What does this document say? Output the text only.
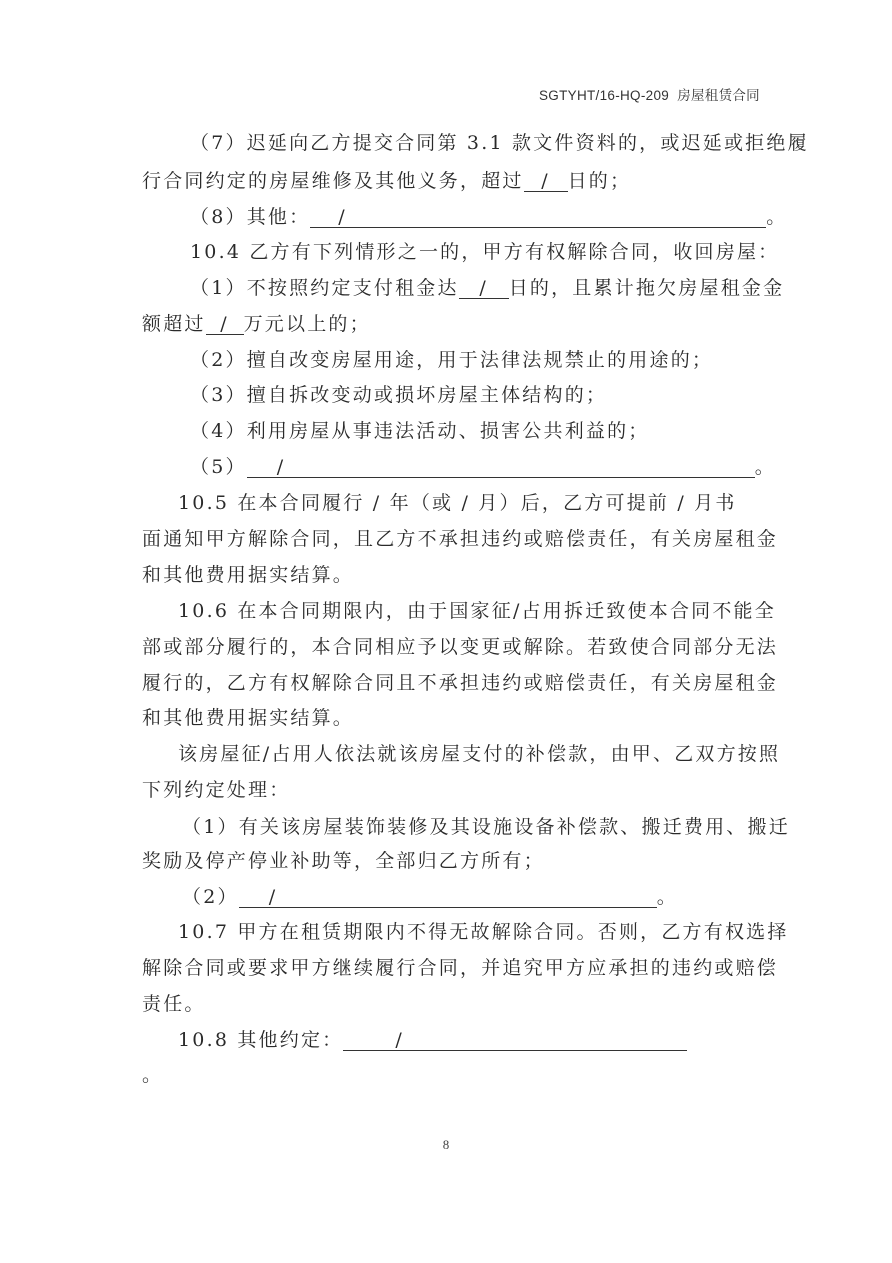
SGTYHT/16-HQ-209 房屋租赁合同
（7）迟延向乙方提交合同第 3.1 款文件资料的，或迟延或拒绝履
行合同约定的房屋维修及其他义务，超过 / 日的；
（8）其他： /	。
10.4 乙方有下列情形之一的，甲方有权解除合同，收回房屋：
（1）不按照约定支付租金达 / 日的，且累计拖欠房屋租金金
额超过 / 万元以上的；
（2）擅自改变房屋用途，用于法律法规禁止的用途的；
（3）擅自拆改变动或损坏房屋主体结构的；
（4）利用房屋从事违法活动、损害公共利益的；
（5） /	。
10.5 在本合同履行 / 年（或 / 月）后，乙方可提前 / 月书
面通知甲方解除合同，且乙方不承担违约或赔偿责任，有关房屋租金
和其他费用据实结算。
10.6 在本合同期限内，由于国家征/占用拆迁致使本合同不能全
部或部分履行的，本合同相应予以变更或解除。若致使合同部分无法
履行的，乙方有权解除合同且不承担违约或赔偿责任，有关房屋租金
和其他费用据实结算。
该房屋征/占用人依法就该房屋支付的补偿款，由甲、乙双方按照
下列约定处理：
（1）有关该房屋装饰装修及其设施设备补偿款、搬迁费用、搬迁
奖励及停产停业补助等，全部归乙方所有；
（2） /	。
10.7 甲方在租赁期限内不得无故解除合同。否则，乙方有权选择
解除合同或要求甲方继续履行合同，并追究甲方应承担的违约或赔偿
责任。
10.8 其他约定：	/
。
8
